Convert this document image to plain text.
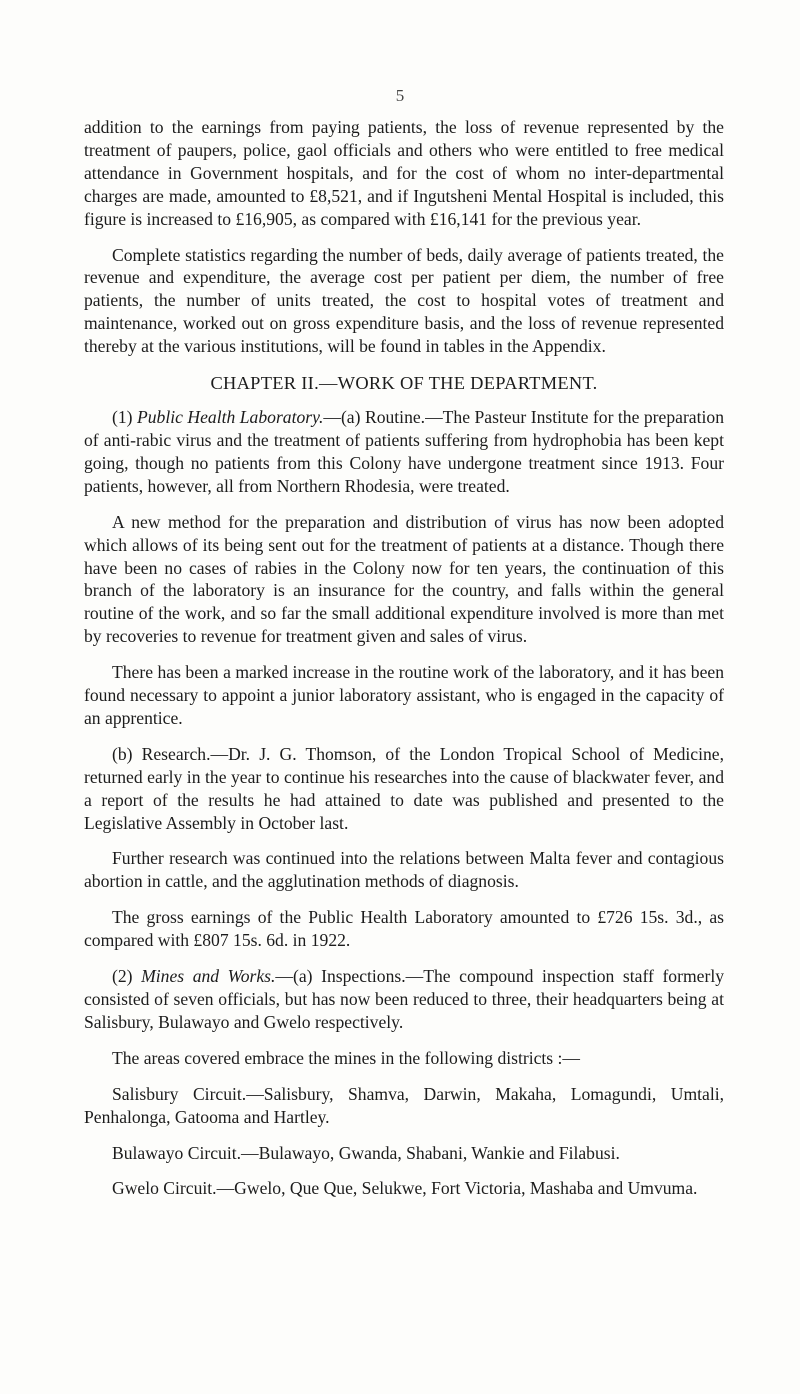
5

addition to the earnings from paying patients, the loss of revenue represented by the treatment of paupers, police, gaol officials and others who were entitled to free medical attendance in Government hospitals, and for the cost of whom no inter-departmental charges are made, amounted to £8,521, and if Ingutsheni Mental Hospital is included, this figure is increased to £16,905, as compared with £16,141 for the previous year.

Complete statistics regarding the number of beds, daily average of patients treated, the revenue and expenditure, the average cost per patient per diem, the number of free patients, the number of units treated, the cost to hospital votes of treatment and maintenance, worked out on gross expenditure basis, and the loss of revenue represented thereby at the various institutions, will be found in tables in the Appendix.

CHAPTER II.—WORK OF THE DEPARTMENT.

(1) Public Health Laboratory.—(a) Routine.—The Pasteur Institute for the preparation of anti-rabic virus and the treatment of patients suffering from hydrophobia has been kept going, though no patients from this Colony have undergone treatment since 1913. Four patients, however, all from Northern Rhodesia, were treated.

A new method for the preparation and distribution of virus has now been adopted which allows of its being sent out for the treatment of patients at a distance. Though there have been no cases of rabies in the Colony now for ten years, the continuation of this branch of the laboratory is an insurance for the country, and falls within the general routine of the work, and so far the small additional expenditure involved is more than met by recoveries to revenue for treatment given and sales of virus.

There has been a marked increase in the routine work of the laboratory, and it has been found necessary to appoint a junior laboratory assistant, who is engaged in the capacity of an apprentice.

(b) Research.—Dr. J. G. Thomson, of the London Tropical School of Medicine, returned early in the year to continue his researches into the cause of blackwater fever, and a report of the results he had attained to date was published and presented to the Legislative Assembly in October last.

Further research was continued into the relations between Malta fever and contagious abortion in cattle, and the agglutination methods of diagnosis.

The gross earnings of the Public Health Laboratory amounted to £726 15s. 3d., as compared with £807 15s. 6d. in 1922.

(2) Mines and Works.—(a) Inspections.—The compound inspection staff formerly consisted of seven officials, but has now been reduced to three, their headquarters being at Salisbury, Bulawayo and Gwelo respectively.

The areas covered embrace the mines in the following districts :—

Salisbury Circuit.—Salisbury, Shamva, Darwin, Makaha, Lomagundi, Umtali, Penhalonga, Gatooma and Hartley.

Bulawayo Circuit.—Bulawayo, Gwanda, Shabani, Wankie and Filabusi.

Gwelo Circuit.—Gwelo, Que Que, Selukwe, Fort Victoria, Mashaba and Umvuma.
